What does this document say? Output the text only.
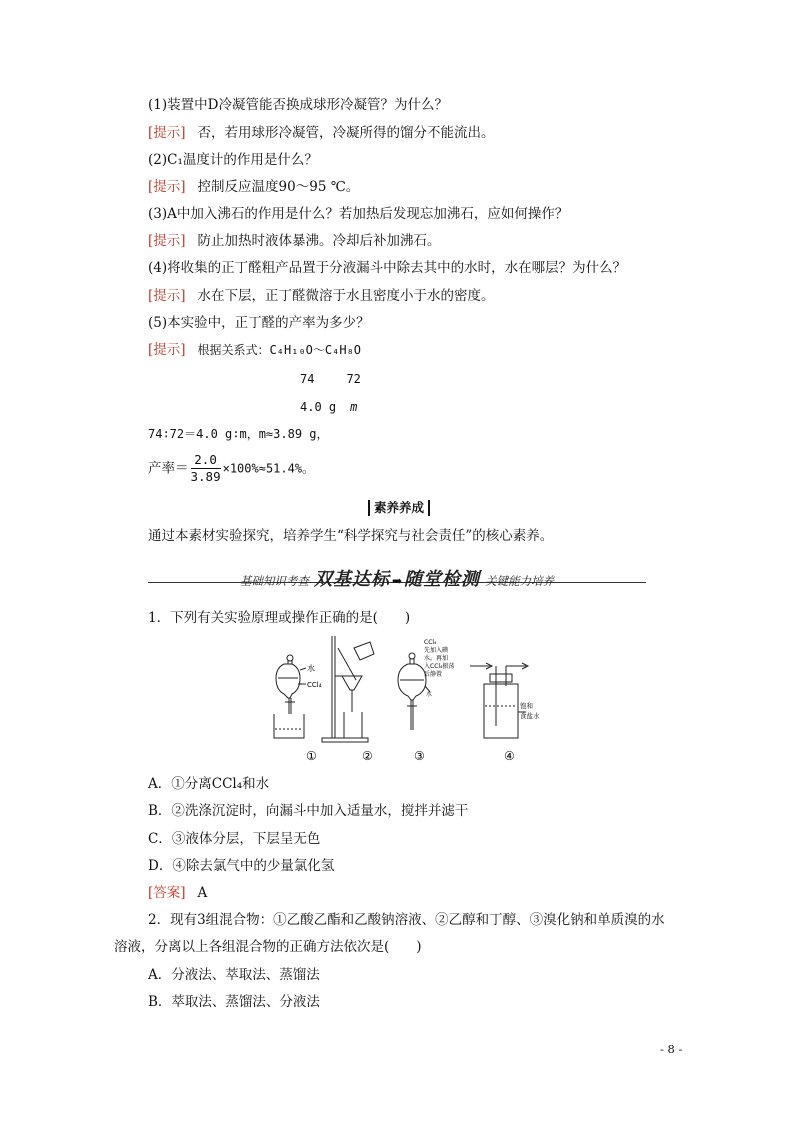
(1)装置中D冷凝管能否换成球形冷凝管？为什么？
[提示] 否，若用球形冷凝管，冷凝所得的馏分不能流出。
(2)C₁温度计的作用是什么？
[提示] 控制反应温度90～95 ℃。
(3)A中加入沸石的作用是什么？若加热后发现忘加沸石，应如何操作？
[提示] 防止加热时液体暴沸。冷却后补加沸石。
(4)将收集的正丁醛粗产品置于分液漏斗中除去其中的水时，水在哪层？为什么？
[提示] 水在下层，正丁醛微溶于水且密度小于水的密度。
(5)本实验中，正丁醛的产率为多少？
[提示] 根据关系式：C₄H₁₀O～C₄H₈O
74	72
4.0 g m
74∶72＝4.0 g∶m，m≈3.89 g，
产率＝ $\frac{2.0}{3.89} \times 100\%\approx 51.4\%$。
素养养成
通过本素材实验探究，培养学生“科学探究与社会责任”的核心素养。
基础知识考查 双基达标 ➡ 随堂检测 关键能力培养
1．下列有关实验原理或操作正确的是(　　)
水
CCl₄
CCl₄
先加入碘
水，再加
入CCl₄振荡
后静置
水
饱和
食盐水
①	②	③	④
A．①分离CCl₄和水
B．②洗涤沉淀时，向漏斗中加入适量水，搅拌并滤干
C．③液体分层，下层呈无色
D．④除去氯气中的少量氯化氢
[答案] A
2．现有3组混合物：①乙酸乙酯和乙酸钠溶液、②乙醇和丁醇、③溴化钠和单质溴的水
溶液，分离以上各组混合物的正确方法依次是(　　)
A．分液法、萃取法、蒸馏法
B．萃取法、蒸馏法、分液法
- 8 -
